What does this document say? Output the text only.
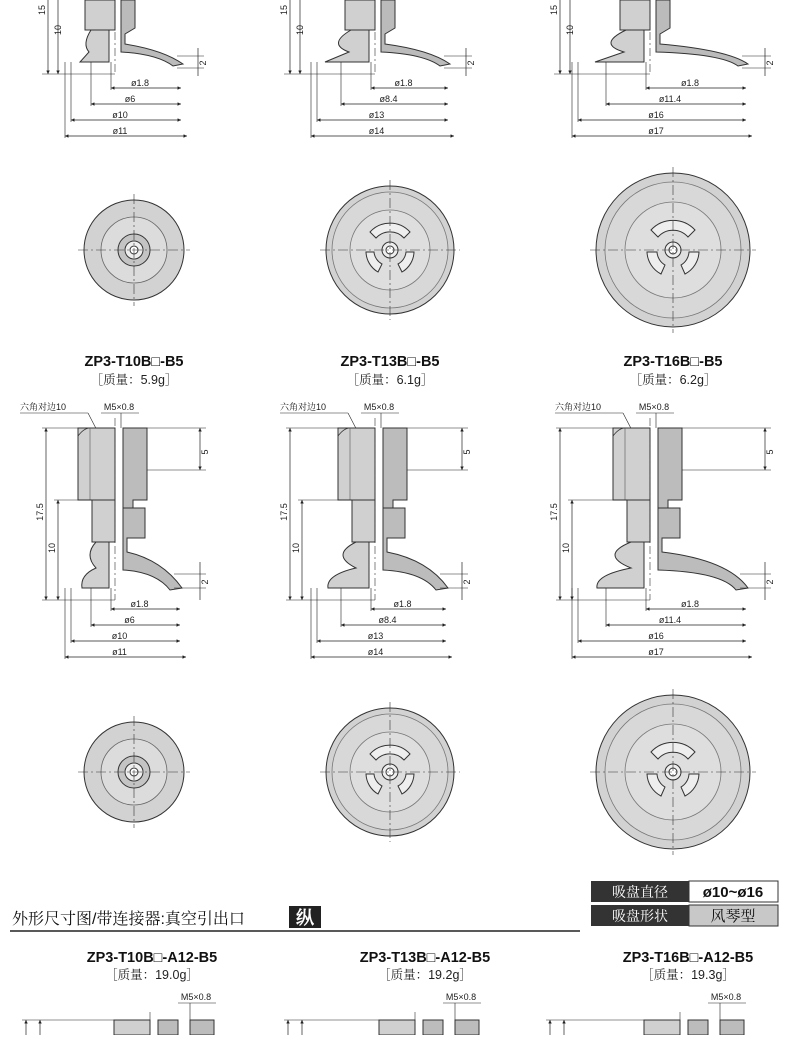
15
10
2
ø1.8
ø6
ø10
ø11
15
10
2
ø1.8
ø8.4
ø13
ø14
15
10
2
ø1.8
ø11.4
ø16
ø17
ZP3-T10B□-B5
［质量：5.9g］
ZP3-T13B□-B5
［质量：6.1g］
ZP3-T16B□-B5
［质量：6.2g］
六角对边10	M5×0.8
17.5
10
5
2
ø1.8
ø6
ø10
ø11
六角对边10	M5×0.8
17.5
10
5
2
ø1.8
ø8.4
ø13
ø14
六角对边10	M5×0.8
17.5
10
5
2
ø1.8
ø11.4
ø16
ø17
吸盘直径 ø10~ø16
吸盘形状	风琴型
外形尺寸图/带连接器:真空引出口	纵
ZP3-T10B□-A12-B5
［质量：19.0g］
ZP3-T13B□-A12-B5
［质量：19.2g］
ZP3-T16B□-A12-B5
［质量：19.3g］
M5×0.8	M5×0.8	M5×0.8
